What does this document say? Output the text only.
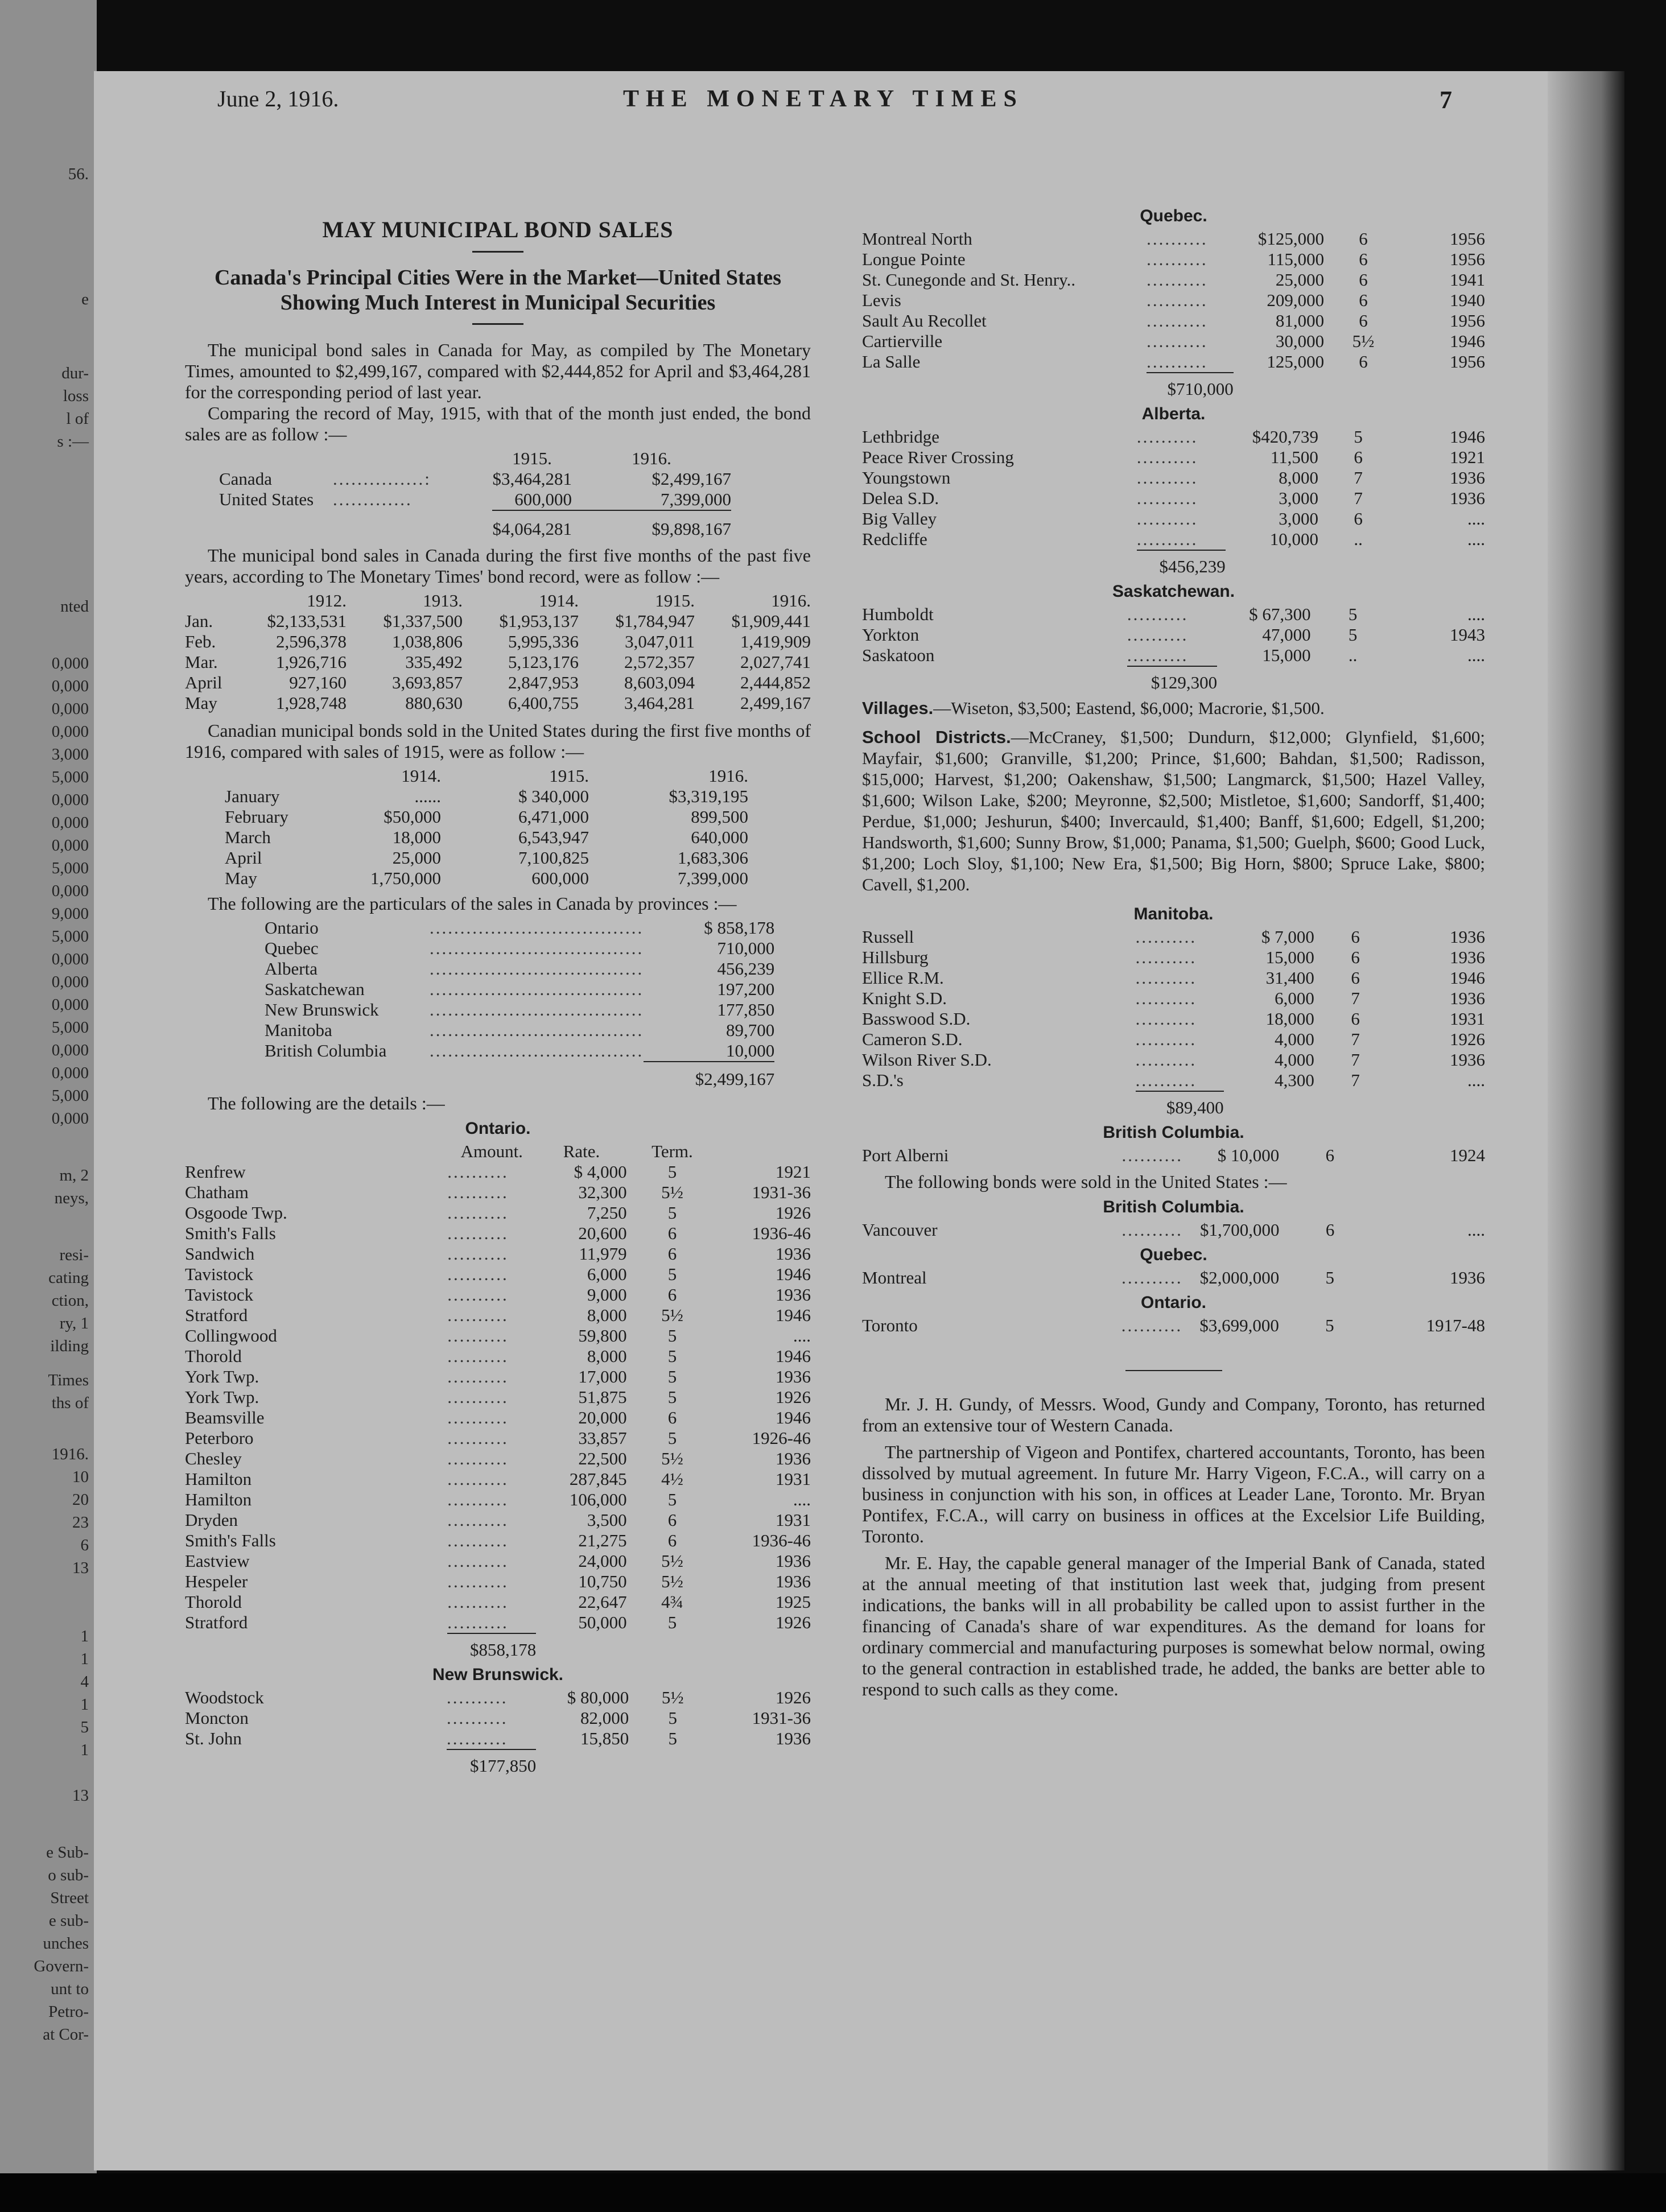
56.
e
dur-
loss
l of
s :—
nted
0,000
0,000
0,000
0,000
3,000
5,000
0,000
0,000
0,000
5,000
0,000
9,000
5,000
0,000
0,000
0,000
5,000
0,000
0,000
5,000
0,000
m, 2
neys,
resi-
cating
ction,
ry, 1
ilding
Times
ths of
1916.
10
20
23
6
13
1
1
4
1
5
1
13
e Sub-
o sub-
Street
e sub-
unches
Govern-
unt to
Petro-
at Cor-
June 2, 1916.	THE MONETARY TIMES	7
MAY MUNICIPAL BOND SALES
Canada's Principal Cities Were in the Market—United States Showing Much Interest in Municipal Securities

The municipal bond sales in Canada for May, as compiled by The Monetary Times, amounted to $2,499,167, compared with $2,444,852 for April and $3,464,281 for the corresponding period of last year.

Comparing the record of May, 1915, with that of the month just ended, the bond sales are as follow :—

		1915.	1916.
Canada	...............:	$3,464,281	$2,499,167
United States	.............	600,000	7,399,000
		$4,064,281	$9,898,167

The municipal bond sales in Canada during the first five months of the past five years, according to The Monetary Times' bond record, were as follow :—

	1912.	1913.	1914.	1915.	1916.
Jan.	$2,133,531	$1,337,500	$1,953,137	$1,784,947	$1,909,441
Feb.	2,596,378	1,038,806	5,995,336	3,047,011	1,419,909
Mar.	1,926,716	335,492	5,123,176	2,572,357	2,027,741
April	927,160	3,693,857	2,847,953	8,603,094	2,444,852
May	1,928,748	880,630	6,400,755	3,464,281	2,499,167

Canadian municipal bonds sold in the United States during the first five months of 1916, compared with sales of 1915, were as follow :—

	1914.	1915.	1916.
January	......	$ 340,000	$3,319,195
February	$50,000	6,471,000	899,500
March	18,000	6,543,947	640,000
April	25,000	7,100,825	1,683,306
May	1,750,000	600,000	7,399,000

The following are the particulars of the sales in Canada by provinces :—

Ontario	...................................	$ 858,178
Quebec	...................................	710,000
Alberta	...................................	456,239
Saskatchewan	...................................	197,200
New Brunswick	...................................	177,850
Manitoba	...................................	89,700
British Columbia	...................................	10,000
		$2,499,167

The following are the details :—

Ontario.
	Amount.	Rate.	Term.	
Renfrew	..........	$ 4,000	5	1921
Chatham	..........	32,300	5½	1931-36
Osgoode Twp.	..........	7,250	5	1926
Smith's Falls	..........	20,600	6	1936-46
Sandwich	..........	11,979	6	1936
Tavistock	..........	6,000	5	1946
Tavistock	..........	9,000	6	1936
Stratford	..........	8,000	5½	1946
Collingwood	..........	59,800	5	....
Thorold	..........	8,000	5	1946
York Twp.	..........	17,000	5	1936
York Twp.	..........	51,875	5	1926
Beamsville	..........	20,000	6	1946
Peterboro	..........	33,857	5	1926-46
Chesley	..........	22,500	5½	1936
Hamilton	..........	287,845	4½	1931
Hamilton	..........	106,000	5	....
Dryden	..........	3,500	6	1931
Smith's Falls	..........	21,275	6	1936-46
Eastview	..........	24,000	5½	1936
Hespeler	..........	10,750	5½	1936
Thorold	..........	22,647	4¾	1925
Stratford	..........	50,000	5	1926
	$858,178			
New Brunswick.
Woodstock	..........	$ 80,000	5½	1926
Moncton	..........	82,000	5	1931-36
St. John	..........	15,850	5	1936
	$177,850			
Quebec.
Montreal North	..........	$125,000	6	1956
Longue Pointe	..........	115,000	6	1956
St. Cunegonde and St. Henry..	..........	25,000	6	1941
Levis	..........	209,000	6	1940
Sault Au Recollet	..........	81,000	6	1956
Cartierville	..........	30,000	5½	1946
La Salle	..........	125,000	6	1956
	$710,000			
Alberta.
Lethbridge	..........	$420,739	5	1946
Peace River Crossing	..........	11,500	6	1921
Youngstown	..........	8,000	7	1936
Delea S.D.	..........	3,000	7	1936
Big Valley	..........	3,000	6	....
Redcliffe	..........	10,000	..	....
	$456,239			
Saskatchewan.
Humboldt	..........	$ 67,300	5	....
Yorkton	..........	47,000	5	1943
Saskatoon	..........	15,000	..	....
	$129,300			
Villages.—Wiseton, $3,500; Eastend, $6,000; Macrorie, $1,500.
School Districts.—McCraney, $1,500; Dundurn, $12,000; Glynfield, $1,600; Mayfair, $1,600; Granville, $1,200; Prince, $1,600; Bahdan, $1,500; Radisson, $15,000; Harvest, $1,200; Oakenshaw, $1,500; Langmarck, $1,500; Hazel Valley, $1,600; Wilson Lake, $200; Meyronne, $2,500; Mistletoe, $1,600; Sandorff, $1,400; Perdue, $1,000; Jeshurun, $400; Invercauld, $1,400; Banff, $1,600; Edgell, $1,200; Handsworth, $1,600; Sunny Brow, $1,000; Panama, $1,500; Guelph, $600; Good Luck, $1,200; Loch Sloy, $1,100; New Era, $1,500; Big Horn, $800; Spruce Lake, $800; Cavell, $1,200.
Manitoba.
Russell	..........	$ 7,000	6	1936
Hillsburg	..........	15,000	6	1936
Ellice R.M.	..........	31,400	6	1946
Knight S.D.	..........	6,000	7	1936
Basswood S.D.	..........	18,000	6	1931
Cameron S.D.	..........	4,000	7	1926
Wilson River S.D.	..........	4,000	7	1936
S.D.'s	..........	4,300	7	....
	$89,400			
British Columbia.
Port Alberni	..........	$ 10,000	6	1924

The following bonds were sold in the United States :—

British Columbia.
Vancouver	..........	$1,700,000	6	....
Quebec.
Montreal	..........	$2,000,000	5	1936
Ontario.
Toronto	..........	$3,699,000	5	1917-48

Mr. J. H. Gundy, of Messrs. Wood, Gundy and Company, Toronto, has returned from an extensive tour of Western Canada.

The partnership of Vigeon and Pontifex, chartered accountants, Toronto, has been dissolved by mutual agreement. In future Mr. Harry Vigeon, F.C.A., will carry on a business in conjunction with his son, in offices at Leader Lane, Toronto. Mr. Bryan Pontifex, F.C.A., will carry on business in offices at the Excelsior Life Building, Toronto.

Mr. E. Hay, the capable general manager of the Imperial Bank of Canada, stated at the annual meeting of that institution last week that, judging from present indications, the banks will in all probability be called upon to assist further in the financing of Canada's share of war expenditures. As the demand for loans for ordinary commercial and manufacturing purposes is somewhat below normal, owing to the general contraction in established trade, he added, the banks are better able to respond to such calls as they come.
